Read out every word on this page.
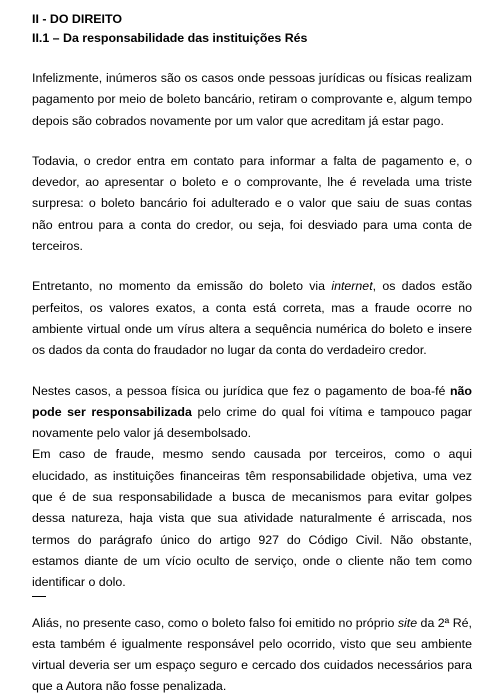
II - DO DIREITO

II.1 – Da responsabilidade das instituições Rés

Infelizmente, inúmeros são os casos onde pessoas jurídicas ou físicas realizam pagamento por meio de boleto bancário, retiram o comprovante e, algum tempo depois são cobrados novamente por um valor que acreditam já estar pago.

Todavia, o credor entra em contato para informar a falta de pagamento e, o devedor, ao apresentar o boleto e o comprovante, lhe é revelada uma triste surpresa: o boleto bancário foi adulterado e o valor que saiu de suas contas não entrou para a conta do credor, ou seja, foi desviado para uma conta de terceiros.

Entretanto, no momento da emissão do boleto via internet, os dados estão perfeitos, os valores exatos, a conta está correta, mas a fraude ocorre no ambiente virtual onde um vírus altera a sequência numérica do boleto e insere os dados da conta do fraudador no lugar da conta do verdadeiro credor.

Nestes casos, a pessoa física ou jurídica que fez o pagamento de boa-fé não pode ser responsabilizada pelo crime do qual foi vítima e tampouco pagar novamente pelo valor já desembolsado.

Em caso de fraude, mesmo sendo causada por terceiros, como o aqui elucidado, as instituições financeiras têm responsabilidade objetiva, uma vez que é de sua responsabilidade a busca de mecanismos para evitar golpes dessa natureza, haja vista que sua atividade naturalmente é arriscada, nos termos do parágrafo único do artigo 927 do Código Civil. Não obstante, estamos diante de um vício oculto de serviço, onde o cliente não tem como identificar o dolo.

Aliás, no presente caso, como o boleto falso foi emitido no próprio site da 2ª Ré, esta também é igualmente responsável pelo ocorrido, visto que seu ambiente virtual deveria ser um espaço seguro e cercado dos cuidados necessários para que a Autora não fosse penalizada.
